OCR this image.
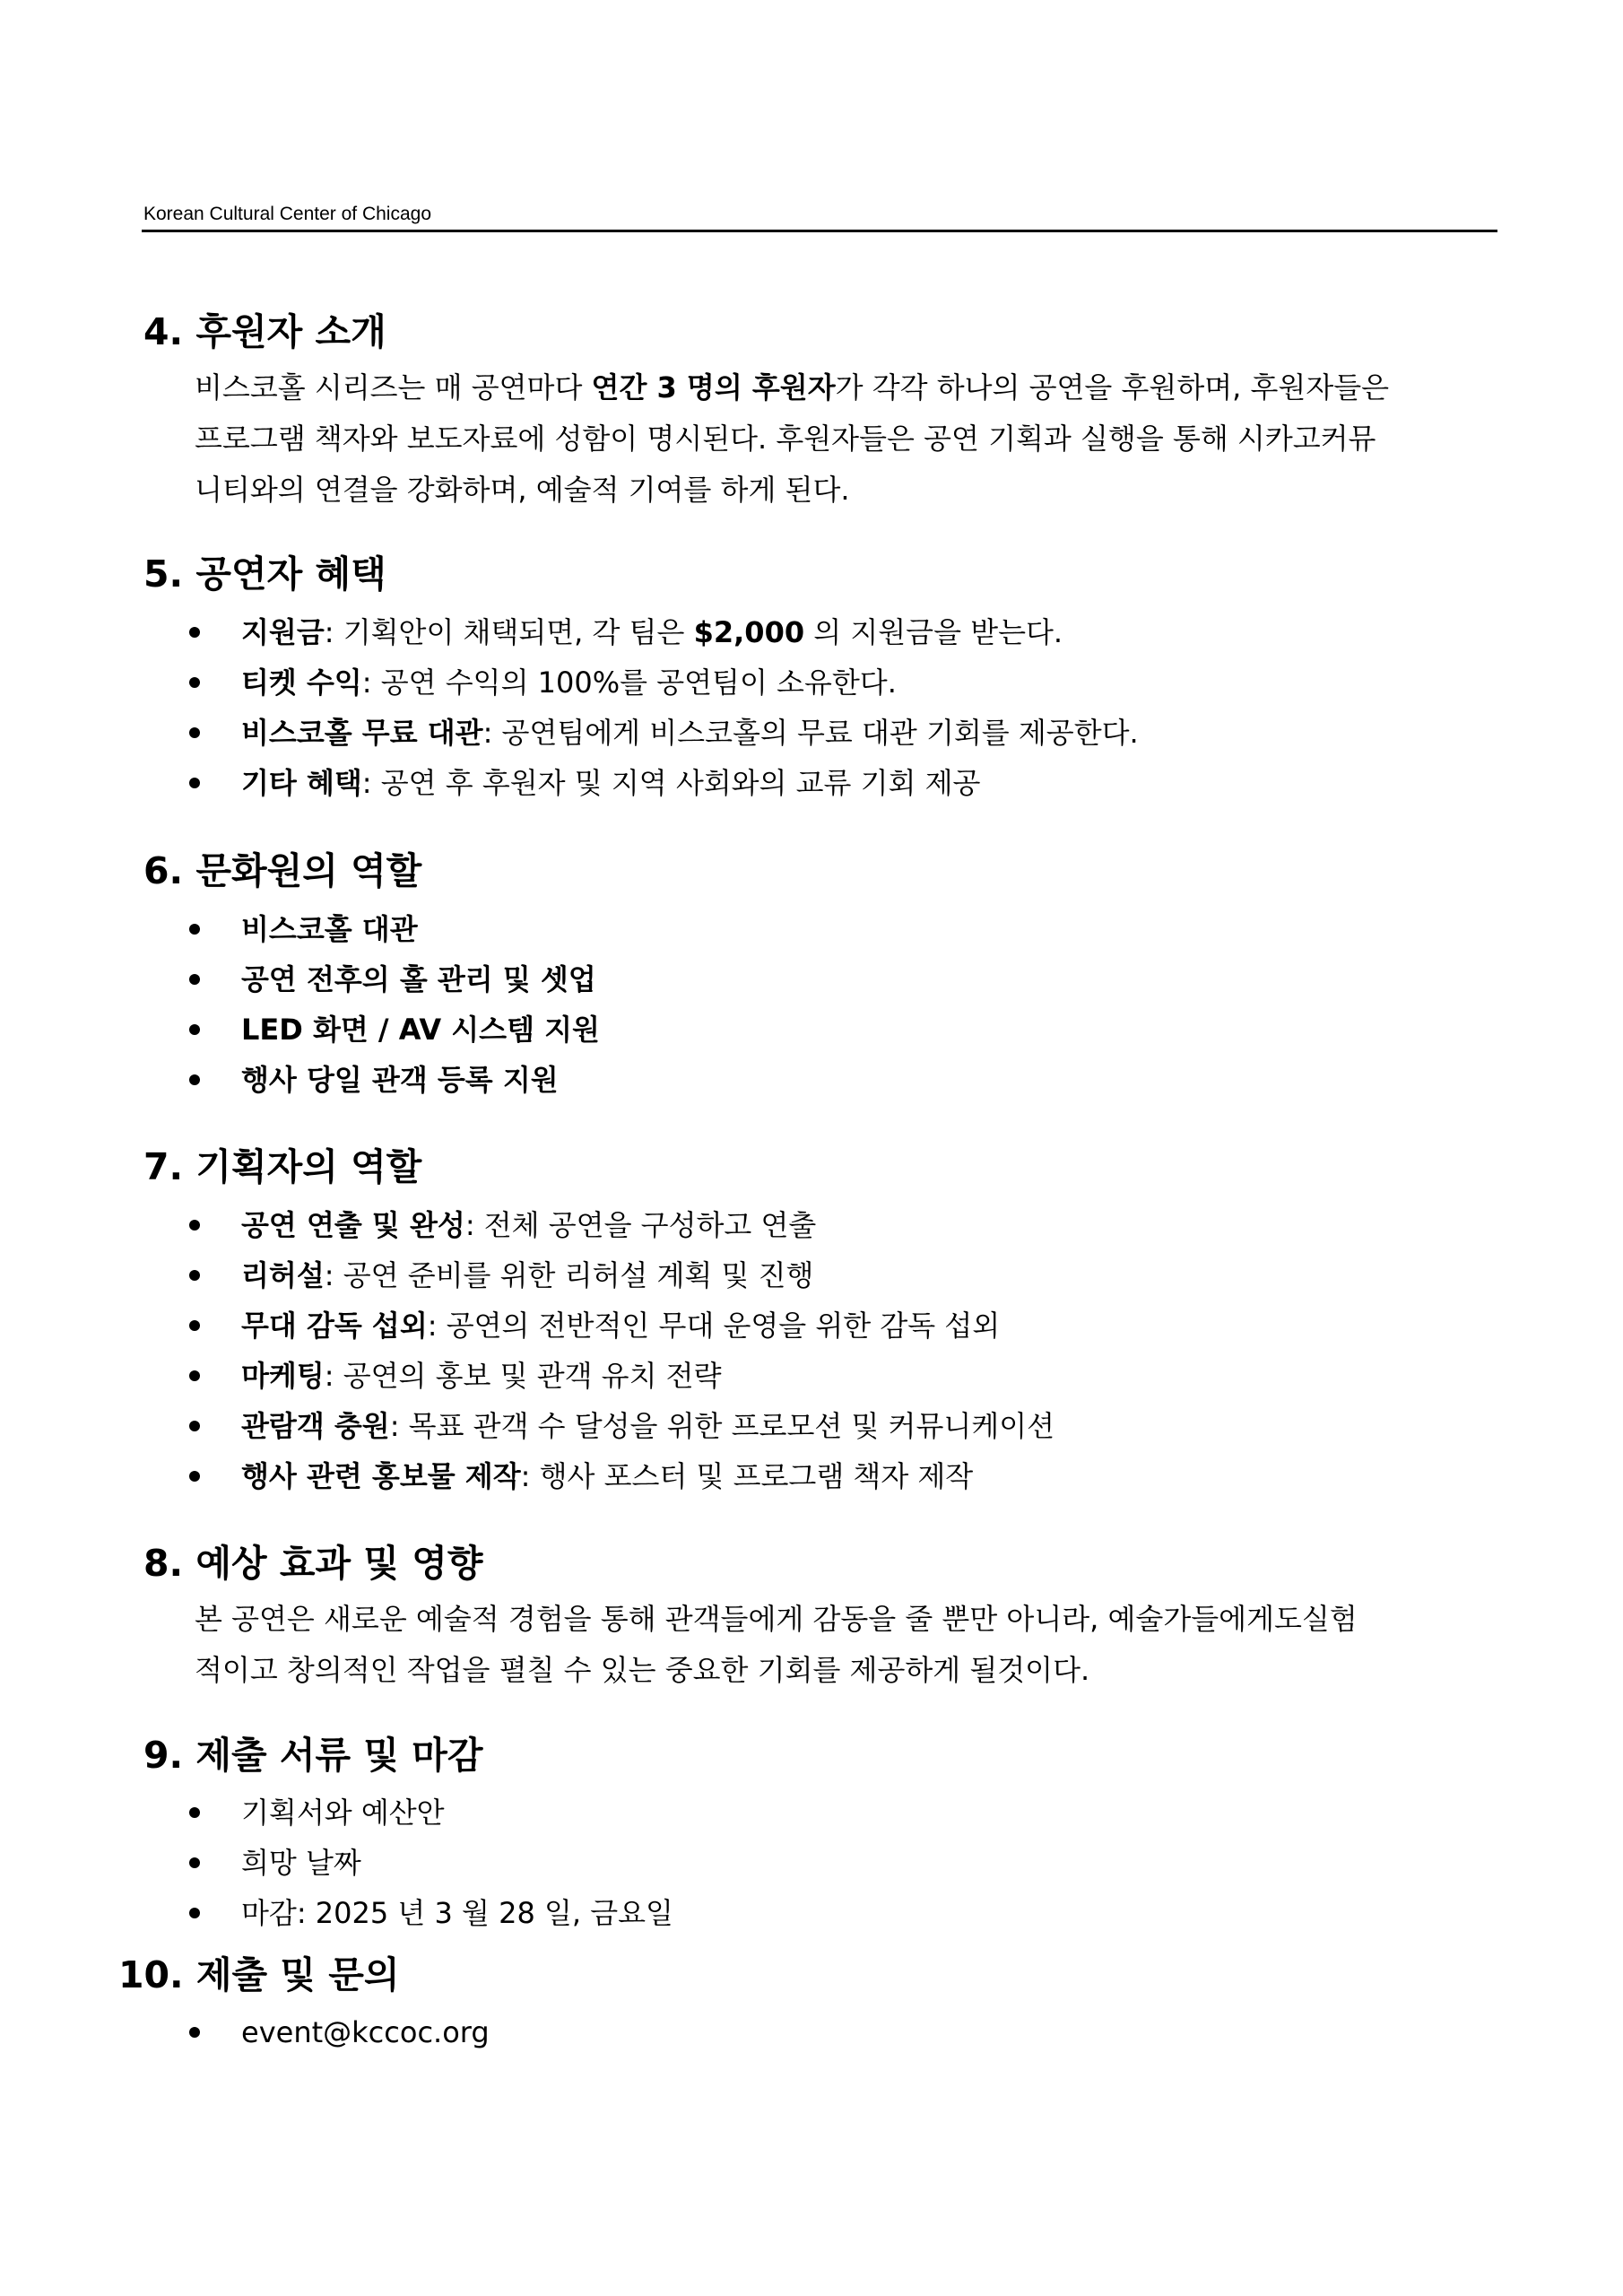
Korean Cultural Center of Chicago
4. 후원자 소개
비스코홀 시리즈는 매 공연마다 연간 3 명의 후원자가 각각 하나의 공연을 후원하며, 후원자들은
프로그램 책자와 보도자료에 성함이 명시된다. 후원자들은 공연 기획과 실행을 통해 시카고커뮤
니티와의 연결을 강화하며, 예술적 기여를 하게 된다.
5. 공연자 혜택
지원금: 기획안이 채택되면, 각 팀은 $2,000 의 지원금을 받는다.
티켓 수익: 공연 수익의 100%를 공연팀이 소유한다.
비스코홀 무료 대관: 공연팀에게 비스코홀의 무료 대관 기회를 제공한다.
기타 혜택: 공연 후 후원자 및 지역 사회와의 교류 기회 제공
6. 문화원의 역할
비스코홀 대관
공연 전후의 홀 관리 및 셋업
LED 화면 / AV 시스템 지원
행사 당일 관객 등록 지원
7. 기획자의 역할
공연 연출 및 완성: 전체 공연을 구성하고 연출
리허설: 공연 준비를 위한 리허설 계획 및 진행
무대 감독 섭외: 공연의 전반적인 무대 운영을 위한 감독 섭외
마케팅: 공연의 홍보 및 관객 유치 전략
관람객 충원: 목표 관객 수 달성을 위한 프로모션 및 커뮤니케이션
행사 관련 홍보물 제작: 행사 포스터 및 프로그램 책자 제작
8. 예상 효과 및 영향
본 공연은 새로운 예술적 경험을 통해 관객들에게 감동을 줄 뿐만 아니라, 예술가들에게도실험
적이고 창의적인 작업을 펼칠 수 있는 중요한 기회를 제공하게 될것이다.
9. 제출 서류 및 마감
기획서와 예산안
희망 날짜
마감: 2025 년 3 월 28 일, 금요일
10. 제출 및 문의
event@kccoc.org
